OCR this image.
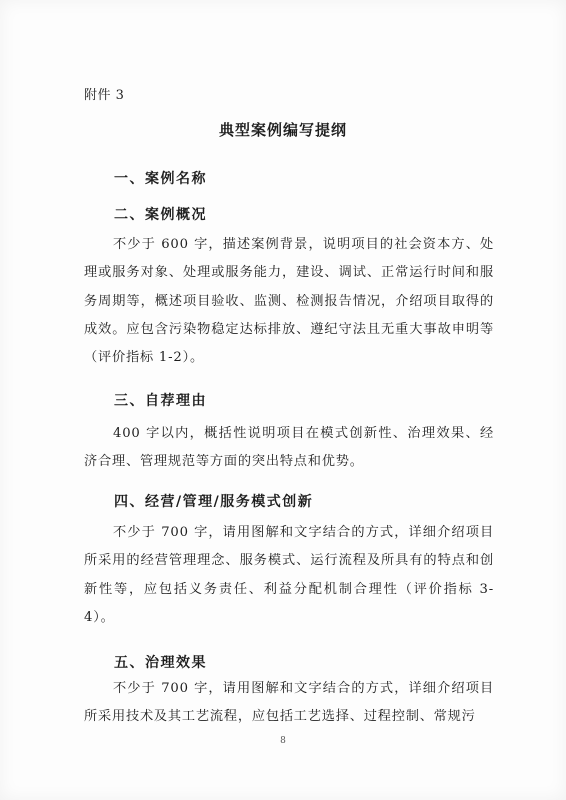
附件 3
典型案例编写提纲
一、案例名称
二、案例概况

不少于 600 字，描述案例背景，说明项目的社会资本方、处理或服务对象、处理或服务能力，建设、调试、正常运行时间和服务周期等，概述项目验收、监测、检测报告情况，介绍项目取得的成效。应包含污染物稳定达标排放、遵纪守法且无重大事故申明等（评价指标 1-2）。

三、自荐理由

400 字以内，概括性说明项目在模式创新性、治理效果、经济合理、管理规范等方面的突出特点和优势。

四、经营/管理/服务模式创新

不少于 700 字，请用图解和文字结合的方式，详细介绍项目所采用的经营管理理念、服务模式、运行流程及所具有的特点和创新性等，应包括义务责任、利益分配机制合理性（评价指标 3-4）。

五、治理效果

不少于 700 字，请用图解和文字结合的方式，详细介绍项目所采用技术及其工艺流程，应包括工艺选择、过程控制、常规污

8
